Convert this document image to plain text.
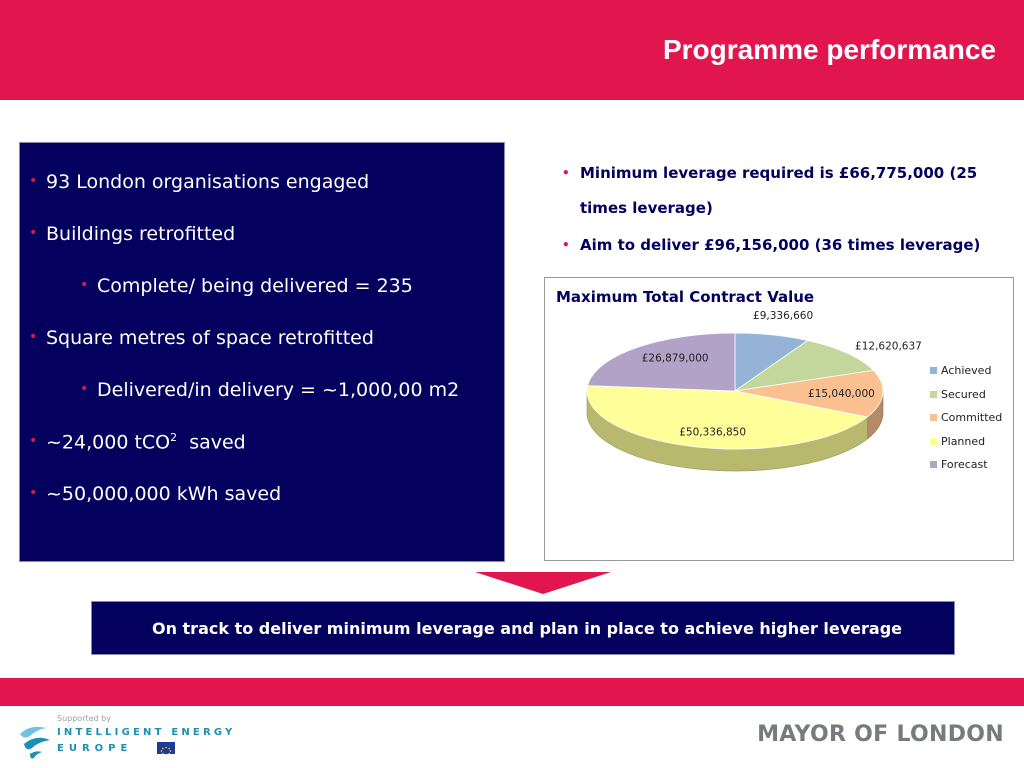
Programme performance
• 93 London organisations engaged
• Buildings retrofitted
• Complete/ being delivered = 235
• Square metres of space retrofitted
• Delivered/in delivery = ~1,000,00 m2
• ~24,000 tCO$^2$  saved
• ~50,000,000 kWh saved
• Minimum leverage required is £66,775,000 (25
times leverage)
• Aim to deliver £96,156,000 (36 times leverage)
Maximum Total Contract Value
£9,336,660
£12,620,637
£15,040,000
£50,336,850
£26,879,000
Achieved
Secured
Committed
Planned
Forecast
On track to deliver minimum leverage and plan in place to achieve higher leverage
Supported by
INTELLIGENT ENERGY
EUROPE
MAYOR OF LONDON
